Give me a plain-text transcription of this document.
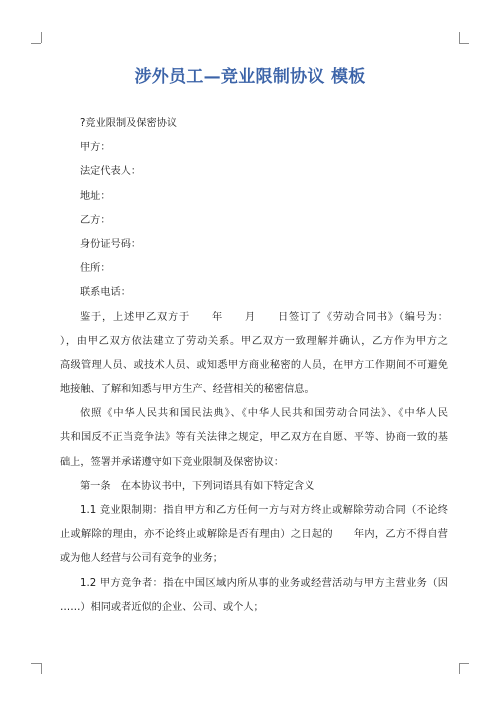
涉外员工—竞业限制协议 模板

?竞业限制及保密协议

甲方：

法定代表人：

地址：

乙方：

身份证号码：

住所：

联系电话：

鉴于，上述甲乙双方于　　年　　月　　日签订了《劳动合同书》（编号为：

），由甲乙双方依法建立了劳动关系。甲乙双方一致理解并确认，乙方作为甲方之

高级管理人员、或技术人员、或知悉甲方商业秘密的人员，在甲方工作期间不可避免

地接触、了解和知悉与甲方生产、经营相关的秘密信息。

依照《中华人民共和国民法典》、《中华人民共和国劳动合同法》、《中华人民

共和国反不正当竞争法》等有关法律之规定，甲乙双方在自愿、平等、协商一致的基

础上，签署并承诺遵守如下竞业限制及保密协议：

第一条　在本协议书中，下列词语具有如下特定含义

1.1 竞业限制期：指自甲方和乙方任何一方与对方终止或解除劳动合同（不论终

止或解除的理由，亦不论终止或解除是否有理由）之日起的　　年内，乙方不得自营

或为他人经营与公司有竞争的业务；

1.2 甲方竞争者：指在中国区域内所从事的业务或经营活动与甲方主营业务（因

……）相同或者近似的企业、公司、或个人；
